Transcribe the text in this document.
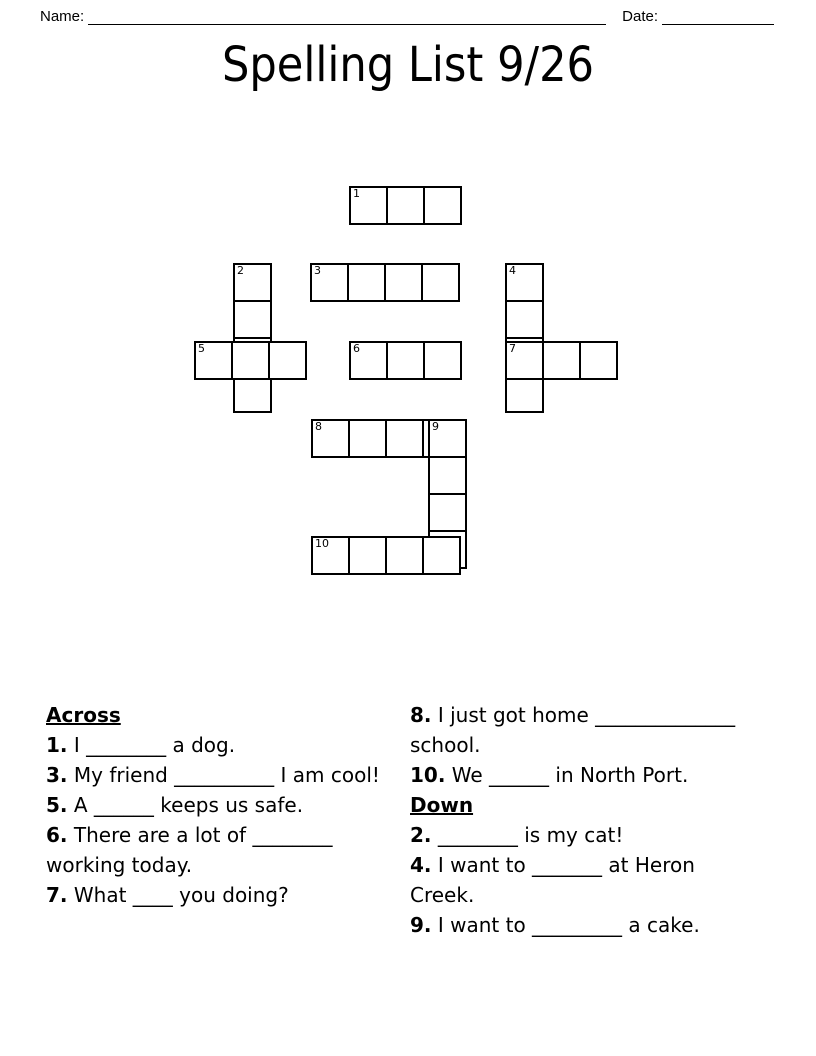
Name:	Date:
Spelling List 9/26
1
2	3	4
5	6	7
8	9
10
Across
1. I ________ a dog.
3. My friend __________ I am cool!
5. A ______ keeps us safe.
6. There are a lot of ________ working today.
7. What ____ you doing?
8. I just got home ______________ school.
10. We ______ in North Port.
Down
2. ________ is my cat!
4. I want to _______ at Heron Creek.
9. I want to _________ a cake.
